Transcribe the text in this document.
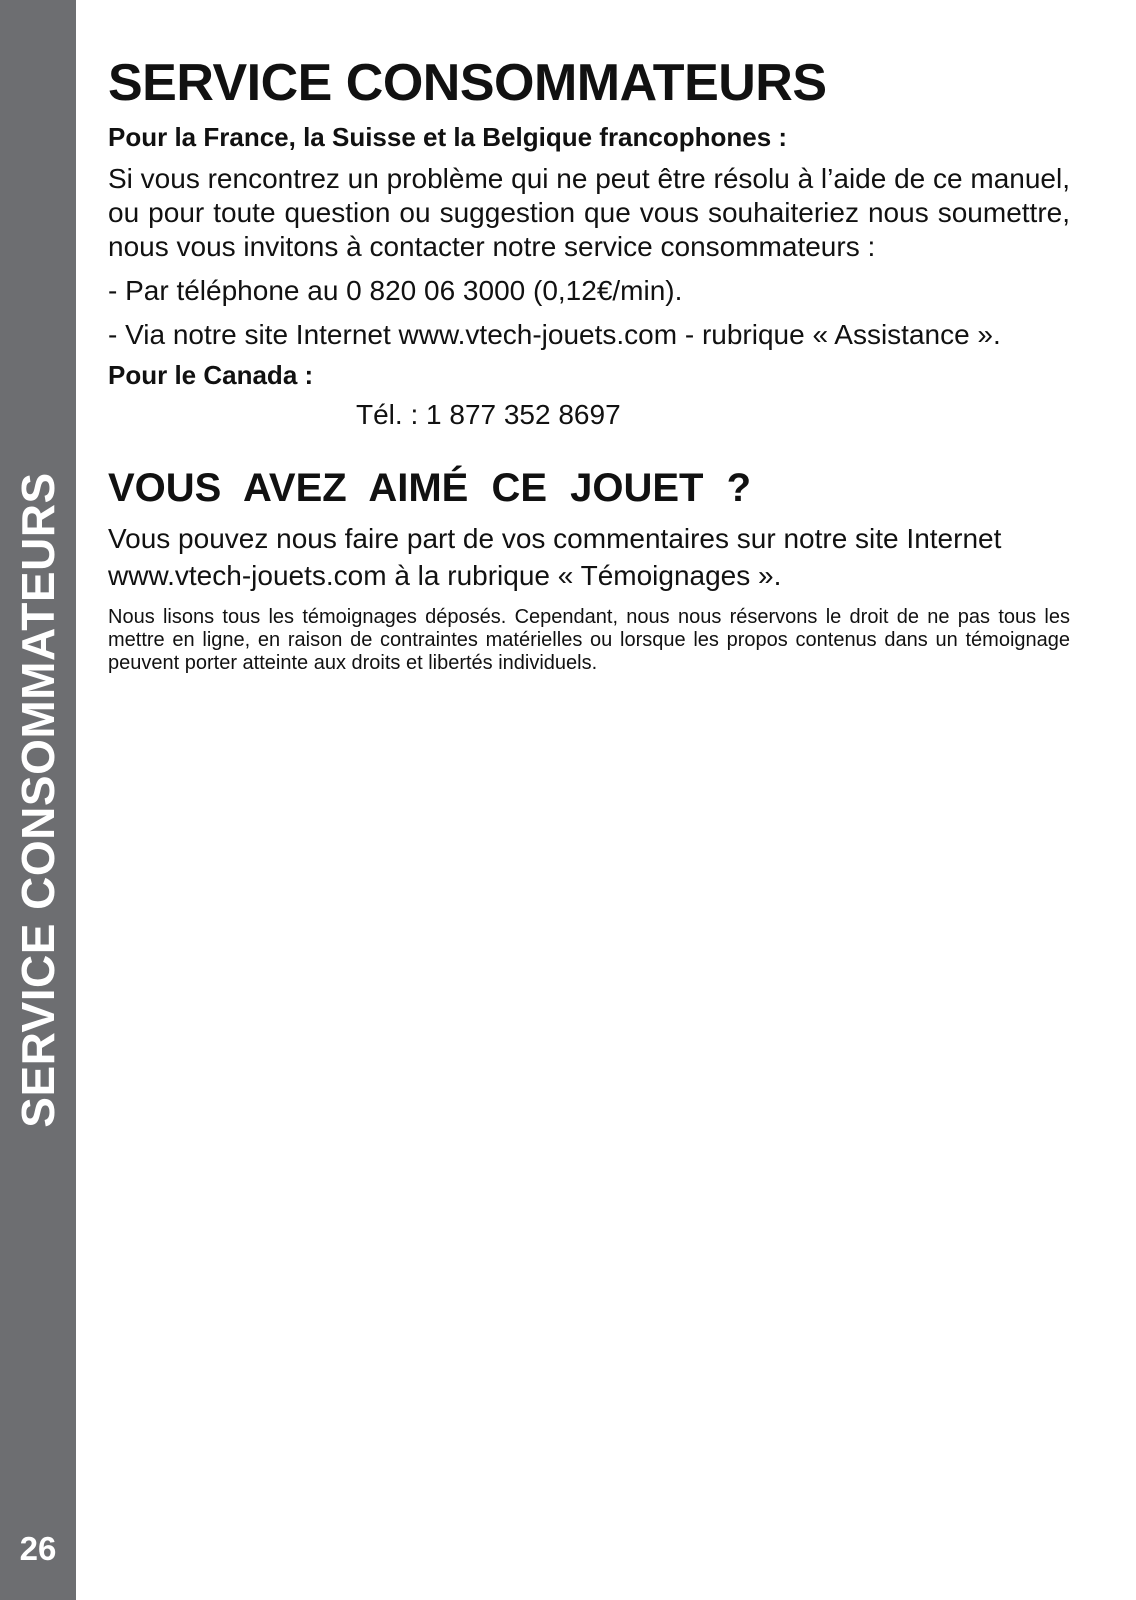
SERVICE CONSOMMATEURS
26
SERVICE CONSOMMATEURS

Pour la France, la Suisse et la Belgique francophones :

Si vous rencontrez un problème qui ne peut être résolu à l’aide de ce manuel, ou pour toute question ou suggestion que vous souhaiteriez nous soumettre, nous vous invitons à contacter notre service consommateurs :

- Par téléphone au 0 820 06 3000 (0,12€/min).

- Via notre site Internet www.vtech-jouets.com - rubrique « Assistance ».

Pour le Canada :

Tél. : 1 877 352 8697

VOUS AVEZ AIMÉ CE JOUET ?

Vous pouvez nous faire part de vos commentaires sur notre site Internet www.vtech-jouets.com à la rubrique « Témoignages ».

Nous lisons tous les témoignages déposés. Cependant, nous nous réservons le droit de ne pas tous les mettre en ligne, en raison de contraintes matérielles ou lorsque les propos contenus dans un témoignage peuvent porter atteinte aux droits et libertés individuels.
